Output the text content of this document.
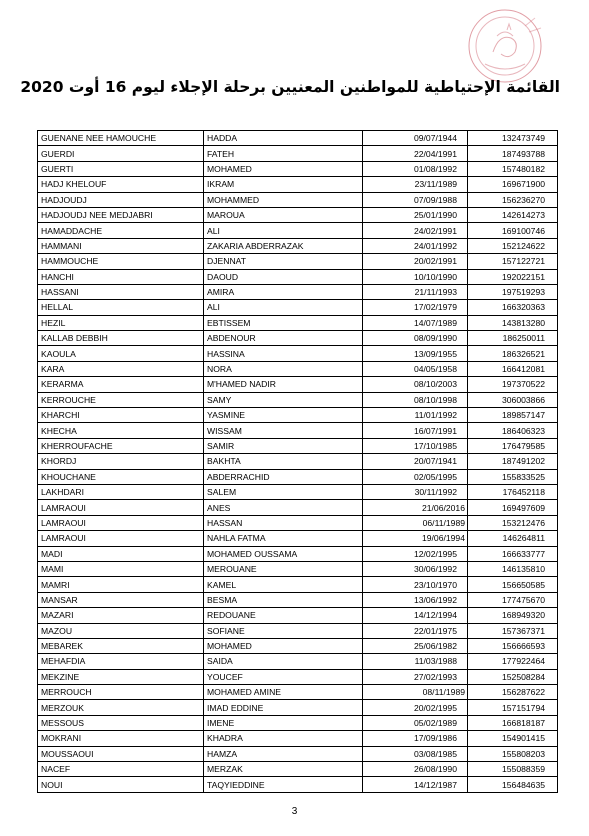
القائمة الإحتياطية للمواطنين المعنيين برحلة الإجلاء ليوم 16 أوت 2020
GUENANE NEE HAMOUCHE	HADDA	09/07/1944	132473749
GUERDI	FATEH	22/04/1991	187493788
GUERTI	MOHAMED	01/08/1992	157480182
HADJ KHELOUF	IKRAM	23/11/1989	169671900
HADJOUDJ	MOHAMMED	07/09/1988	156236270
HADJOUDJ NEE MEDJABRI	MAROUA	25/01/1990	142614273
HAMADDACHE	ALI	24/02/1991	169100746
HAMMANI	ZAKARIA ABDERRAZAK	24/01/1992	152124622
HAMMOUCHE	DJENNAT	20/02/1991	157122721
HANCHI	DAOUD	10/10/1990	192022151
HASSANI	AMIRA	21/11/1993	197519293
HELLAL	ALI	17/02/1979	166320363
HEZIL	EBTISSEM	14/07/1989	143813280
KALLAB DEBBIH	ABDENOUR	08/09/1990	186250011
KAOULA	HASSINA	13/09/1955	186326521
KARA	NORA	04/05/1958	166412081
KERARMA	M'HAMED NADIR	08/10/2003	197370522
KERROUCHE	SAMY	08/10/1998	306003866
KHARCHI	YASMINE	11/01/1992	189857147
KHECHA	WISSAM	16/07/1991	186406323
KHERROUFACHE	SAMIR	17/10/1985	176479585
KHORDJ	BAKHTA	20/07/1941	187491202
KHOUCHANE	ABDERRACHID	02/05/1995	155833525
LAKHDARI	SALEM	30/11/1992	176452118
LAMRAOUI	ANES	21/06/2016	169497609
LAMRAOUI	HASSAN	06/11/1989	153212476
LAMRAOUI	NAHLA FATMA	19/06/1994	146264811
MADI	MOHAMED OUSSAMA	12/02/1995	166633777
MAMI	MEROUANE	30/06/1992	146135810
MAMRI	KAMEL	23/10/1970	156650585
MANSAR	BESMA	13/06/1992	177475670
MAZARI	REDOUANE	14/12/1994	168949320
MAZOU	SOFIANE	22/01/1975	157367371
MEBAREK	MOHAMED	25/06/1982	156666593
MEHAFDIA	SAIDA	11/03/1988	177922464
MEKZINE	YOUCEF	27/02/1993	152508284
MERROUCH	MOHAMED AMINE	08/11/1989	156287622
MERZOUK	IMAD EDDINE	20/02/1995	157151794
MESSOUS	IMENE	05/02/1989	166818187
MOKRANI	KHADRA	17/09/1986	154901415
MOUSSAOUI	HAMZA	03/08/1985	155808203
NACEF	MERZAK	26/08/1990	155088359
NOUI	TAQYIEDDINE	14/12/1987	156484635
3
